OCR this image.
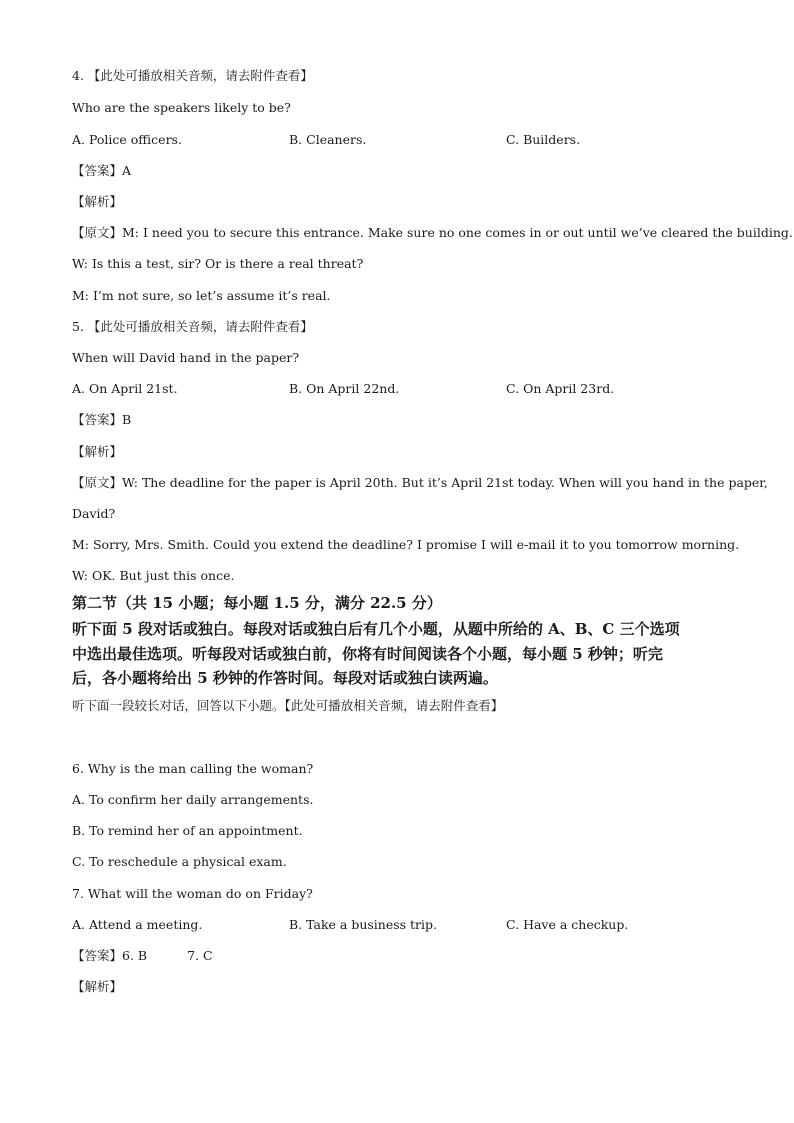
4. 【此处可播放相关音频，请去附件查看】
Who are the speakers likely to be?
A. Police officers.	B. Cleaners.	C. Builders.
【答案】A
【解析】
【原文】M: I need you to secure this entrance. Make sure no one comes in or out until we’ve cleared the building.
W: Is this a test, sir? Or is there a real threat?
M: I’m not sure, so let’s assume it’s real.
5. 【此处可播放相关音频，请去附件查看】
When will David hand in the paper?
A. On April 21st.	B. On April 22nd.	C. On April 23rd.
【答案】B
【解析】
【原文】W: The deadline for the paper is April 20th. But it’s April 21st today. When will you hand in the paper,
David?
M: Sorry, Mrs. Smith. Could you extend the deadline? I promise I will e-mail it to you tomorrow morning.
W: OK. But just this once.
第二节（共 15 小题；每小题 1.5 分，满分 22.5 分）
听下面 5 段对话或独白。每段对话或独白后有几个小题，从题中所给的 A、B、C 三个选项
中选出最佳选项。听每段对话或独白前，你将有时间阅读各个小题，每小题 5 秒钟；听完
后，各小题将给出 5 秒钟的作答时间。每段对话或独白读两遍。
听下面一段较长对话，回答以下小题。【此处可播放相关音频，请去附件查看】
6. Why is the man calling the woman?
A. To confirm her daily arrangements.
B. To remind her of an appointment.
C. To reschedule a physical exam.
7. What will the woman do on Friday?
A. Attend a meeting.	B. Take a business trip.	C. Have a checkup.
【答案】6. B	7. C
【解析】
